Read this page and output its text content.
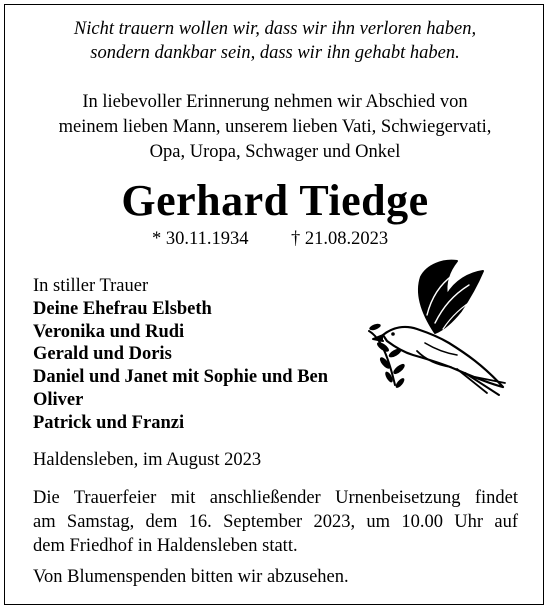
Nicht trauern wollen wir, dass wir ihn verloren haben,
sondern dankbar sein, dass wir ihn gehabt haben.
In liebevoller Erinnerung nehmen wir Abschied von
meinem lieben Mann, unserem lieben Vati, Schwiegervati,
Opa, Uropa, Schwager und Onkel
Gerhard Tiedge
* 30.11.1934 † 21.08.2023
In stiller Trauer
Deine Ehefrau Elsbeth
Veronika und Rudi
Gerald und Doris
Daniel und Janet mit Sophie und Ben
Oliver
Patrick und Franzi
Haldensleben, im August 2023
Die Trauerfeier mit anschließender Urnenbeisetzung findet
am Samstag, dem 16. September 2023, um 10.00 Uhr auf
dem Friedhof in Haldensleben statt.
Von Blumenspenden bitten wir abzusehen.
